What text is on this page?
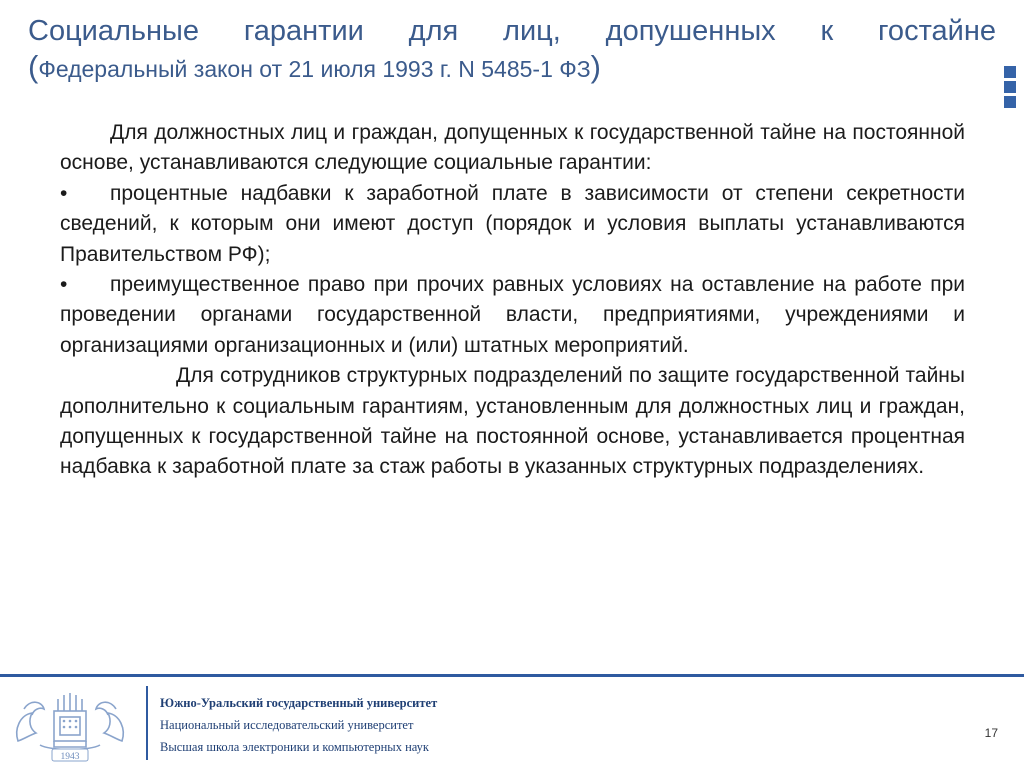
Социальные гарантии для лиц, допушенных к гостайне
(Федеральный закон от 21 июля 1993 г. N 5485-1 ФЗ)

Для должностных лиц и граждан, допущенных к государственной тайне на постоянной основе, устанавливаются следующие социальные гарантии:

• процентные надбавки к заработной плате в зависимости от степени секретности сведений, к которым они имеют доступ (порядок и условия выплаты устанавливаются Правительством РФ);

• преимущественное право при прочих равных условиях на оставление на работе при проведении органами государственной власти, предприятиями, учреждениями и организациями организационных и (или) штатных мероприятий.

Для сотрудников структурных подразделений по защите государственной тайны дополнительно к социальным гарантиям, установленным для должностных лиц и граждан, допущенных к государственной тайне на постоянной основе, устанавливается процентная надбавка к заработной плате за стаж работы в указанных структурных подразделениях.

1943
Южно-Уральский государственный университет
Национальный исследовательский университет
Высшая школа электроники и компьютерных наук
17
